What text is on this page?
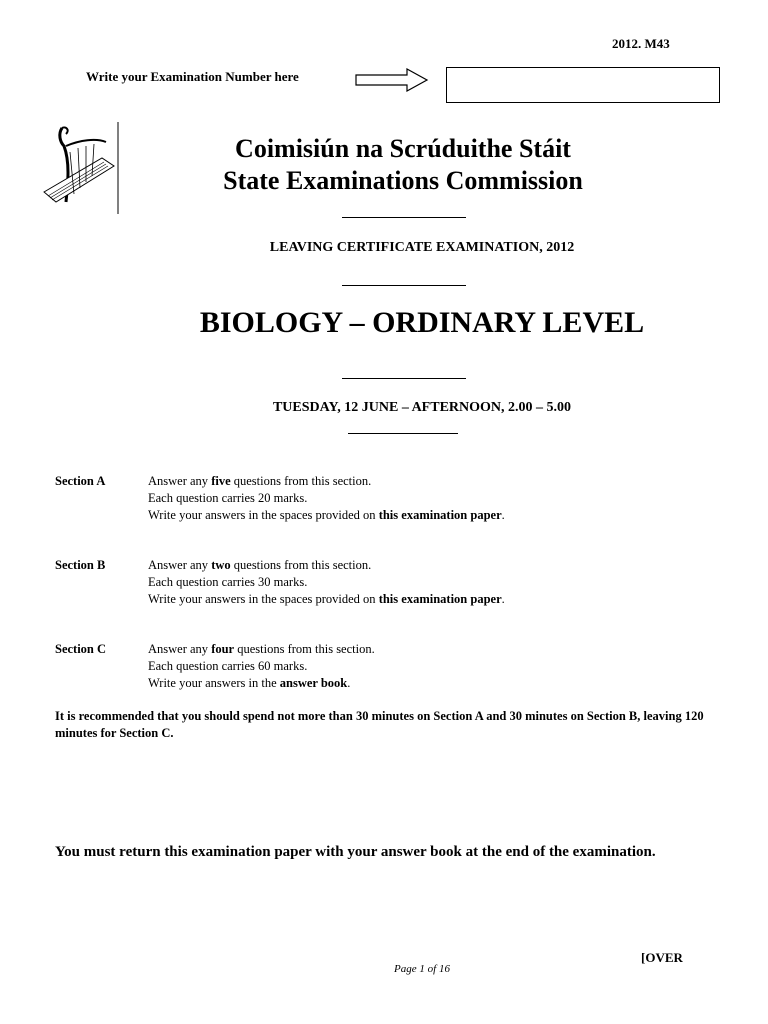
2012. M43
Write your Examination Number here
Coimisiún na Scrúduithe Stáit
State Examinations Commission
LEAVING CERTIFICATE EXAMINATION, 2012
BIOLOGY – ORDINARY LEVEL
TUESDAY, 12 JUNE – AFTERNOON, 2.00 – 5.00
Section A	Answer any five questions from this section.
Each question carries 20 marks.
Write your answers in the spaces provided on this examination paper.
Section B	Answer any two questions from this section.
Each question carries 30 marks.
Write your answers in the spaces provided on this examination paper.
Section C	Answer any four questions from this section.
Each question carries 60 marks.
Write your answers in the answer book.
It is recommended that you should spend not more than 30 minutes on Section A and 30 minutes on Section B, leaving 120 minutes for Section C.
You must return this examination paper with your answer book at the end of the examination.
[OVER
Page 1 of 16
